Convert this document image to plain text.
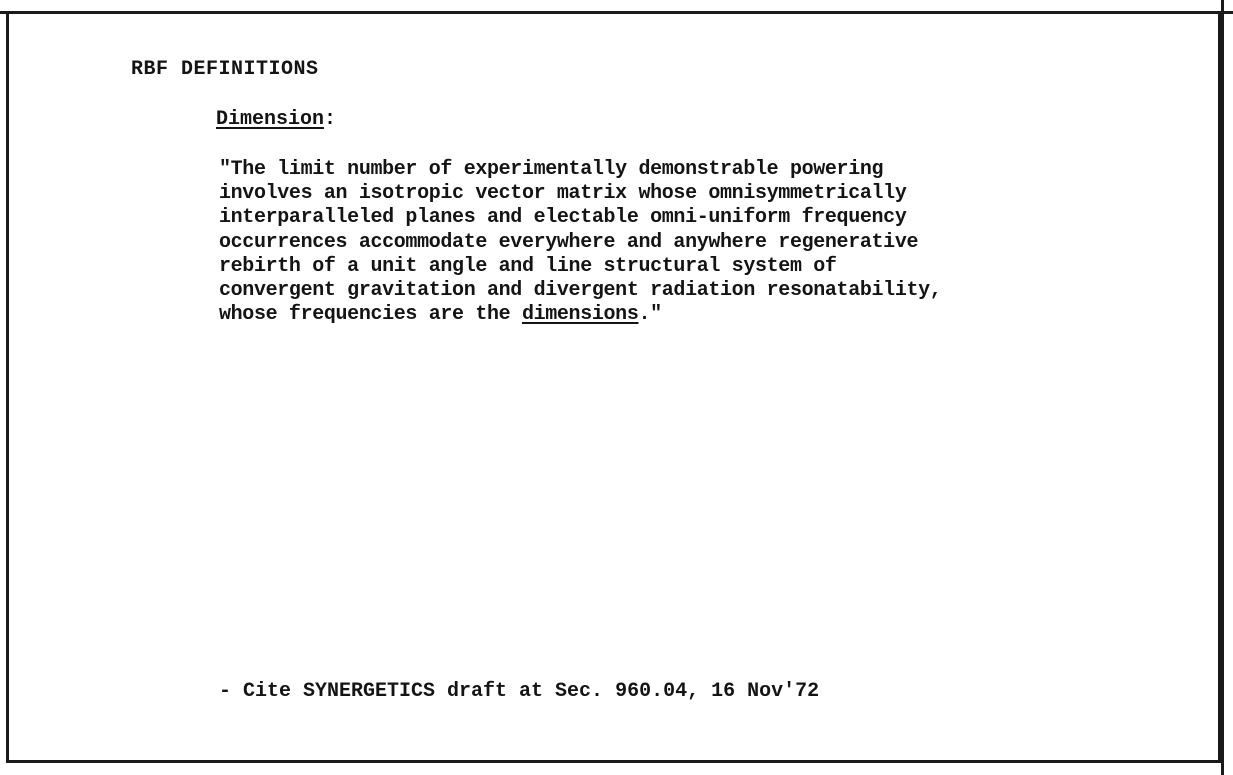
RBF DEFINITIONS
Dimension:
"The limit number of experimentally demonstrable powering
involves an isotropic vector matrix whose omnisymmetrically
interparalleled planes and electable omni-uniform frequency
occurrences accommodate everywhere and anywhere regenerative
rebirth of a unit angle and line structural system of
convergent gravitation and divergent radiation resonatability,
whose frequencies are the dimensions."
- Cite SYNERGETICS draft at Sec. 960.04, 16 Nov'72
